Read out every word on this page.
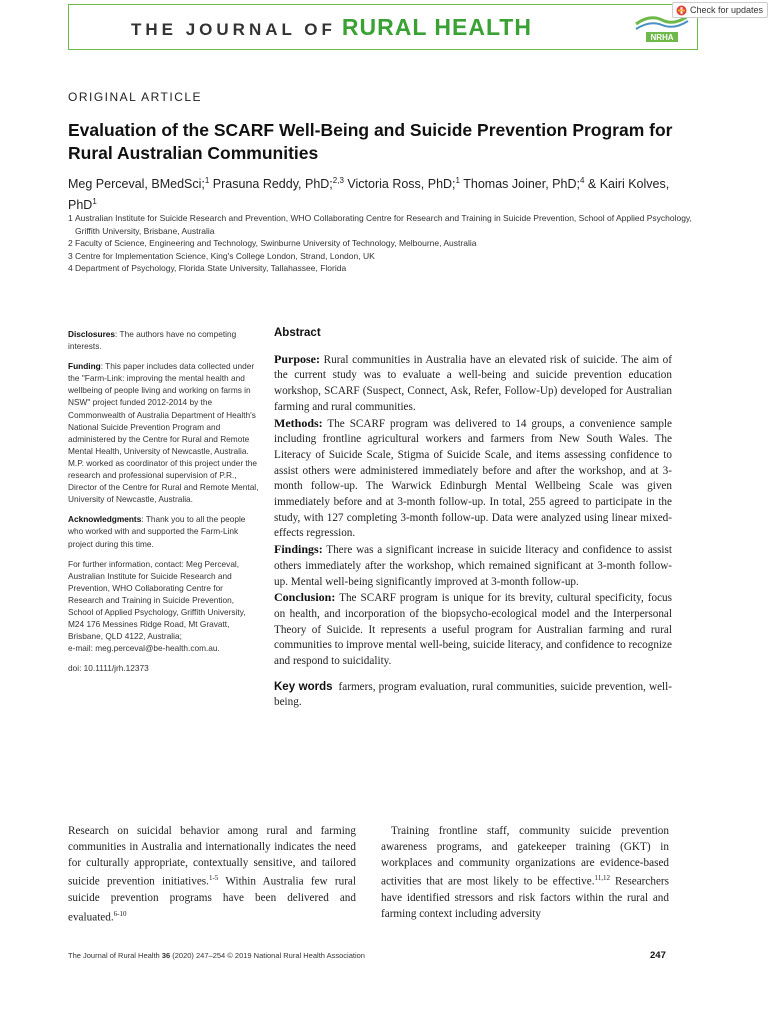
THE JOURNAL OF RURAL HEALTH	NRHA
Check for updates
ORIGINAL ARTICLE
Evaluation of the SCARF Well-Being and Suicide Prevention Program for Rural Australian Communities
Meg Perceval, BMedSci;$^1$ Prasuna Reddy, PhD;$^{2,3}$ Victoria Ross, PhD;$^1$ Thomas Joiner, PhD;$^4$ & Kairi Kolves, PhD$^1$
1 Australian Institute for Suicide Research and Prevention, WHO Collaborating Centre for Research and Training in Suicide Prevention, School of Applied Psychology, Griffith University, Brisbane, Australia
2 Faculty of Science, Engineering and Technology, Swinburne University of Technology, Melbourne, Australia
3 Centre for Implementation Science, King's College London, Strand, London, UK
4 Department of Psychology, Florida State University, Tallahassee, Florida

Disclosures: The authors have no competing interests.

Funding: This paper includes data collected under the "Farm-Link: improving the mental health and wellbeing of people living and working on farms in NSW" project funded 2012-2014 by the Commonwealth of Australia Department of Health's National Suicide Prevention Program and administered by the Centre for Rural and Remote Mental Health, University of Newcastle, Australia. M.P. worked as coordinator of this project under the research and professional supervision of P.R., Director of the Centre for Rural and Remote Mental, University of Newcastle, Australia.

Acknowledgments: Thank you to all the people who worked with and supported the Farm-Link project during this time.

For further information, contact: Meg Perceval, Australian Institute for Suicide Research and Prevention, WHO Collaborating Centre for Research and Training in Suicide Prevention, School of Applied Psychology, Griffith University, M24 176 Messines Ridge Road, Mt Gravatt, Brisbane, QLD 4122, Australia;
e-mail: meg.perceval@be-health.com.au.

doi: 10.1111/jrh.12373

Abstract

Purpose: Rural communities in Australia have an elevated risk of suicide. The aim of the current study was to evaluate a well-being and suicide prevention education workshop, SCARF (Suspect, Connect, Ask, Refer, Follow-Up) developed for Australian farming and rural communities.

Methods: The SCARF program was delivered to 14 groups, a convenience sample including frontline agricultural workers and farmers from New South Wales. The Literacy of Suicide Scale, Stigma of Suicide Scale, and items assessing confidence to assist others were administered immediately before and after the workshop, and at 3-month follow-up. The Warwick Edinburgh Mental Wellbeing Scale was given immediately before and at 3-month follow-up. In total, 255 agreed to participate in the study, with 127 completing 3-month follow-up. Data were analyzed using linear mixed-effects regression.

Findings: There was a significant increase in suicide literacy and confidence to assist others immediately after the workshop, which remained significant at 3-month follow-up. Mental well-being significantly improved at 3-month follow-up.

Conclusion: The SCARF program is unique for its brevity, cultural specificity, focus on health, and incorporation of the biopsycho-ecological model and the Interpersonal Theory of Suicide. It represents a useful program for Australian farming and rural communities to improve mental well-being, suicide literacy, and confidence to recognize and respond to suicidality.

Key words farmers, program evaluation, rural communities, suicide prevention, well-being.

Research on suicidal behavior among rural and farming communities in Australia and internationally indicates the need for culturally appropriate, contextually sensitive, and tailored suicide prevention initiatives.$^{1-5}$ Within Australia few rural suicide prevention programs have been delivered and evaluated.$^{6-10}$

Training frontline staff, community suicide prevention awareness programs, and gatekeeper training (GKT) in workplaces and community organizations are evidence-based activities that are most likely to be effective.$^{11,12}$ Researchers have identified stressors and risk factors within the rural and farming context including adversity

The Journal of Rural Health 36 (2020) 247–254 © 2019 National Rural Health Association	247
